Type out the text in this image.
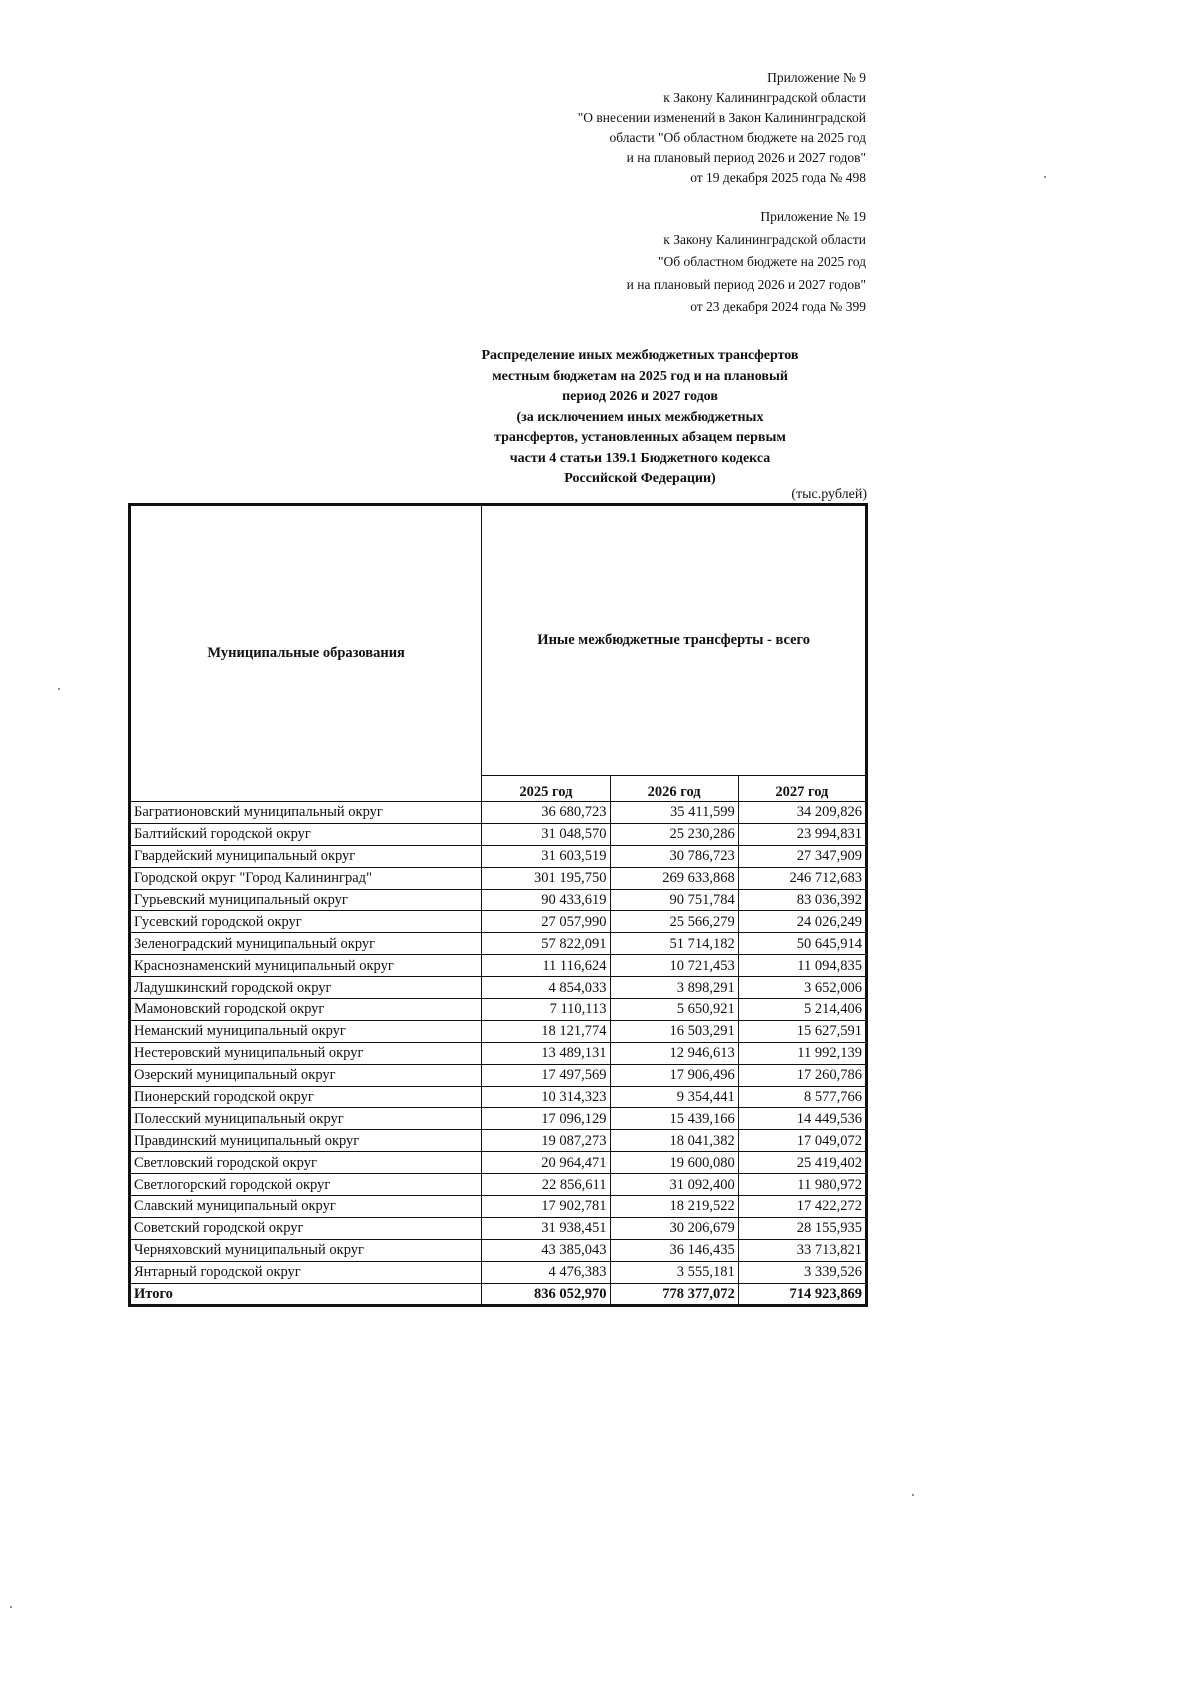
Приложение № 9
к Закону Калининградской области
"О внесении изменений в Закон Калининградской
области "Об областном бюджете на 2025 год
и на плановый период 2026 и 2027 годов"
от 19 декабря 2025 года № 498
Приложение № 19
к Закону Калининградской области
"Об областном бюджете на 2025 год
и на плановый период 2026 и 2027 годов"
от 23 декабря 2024 года № 399
Распределение иных межбюджетных трансфертов
местным бюджетам на 2025 год и на плановый
период 2026 и 2027 годов
(за исключением иных межбюджетных
трансфертов, установленных абзацем первым
части 4 статьи 139.1 Бюджетного кодекса
Российской Федерации)
(тыс.рублей)
Муниципальные образования	Иные межбюджетные трансферты - всего		
	2025 год	2026 год	2027 год
Багратионовский муниципальный округ	36 680,723	35 411,599	34 209,826
Балтийский городской округ	31 048,570	25 230,286	23 994,831
Гвардейский муниципальный округ	31 603,519	30 786,723	27 347,909
Городской округ "Город Калининград"	301 195,750	269 633,868	246 712,683
Гурьевский муниципальный округ	90 433,619	90 751,784	83 036,392
Гусевский городской округ	27 057,990	25 566,279	24 026,249
Зеленоградский муниципальный округ	57 822,091	51 714,182	50 645,914
Краснознаменский муниципальный округ	11 116,624	10 721,453	11 094,835
Ладушкинский городской округ	4 854,033	3 898,291	3 652,006
Мамоновский городской округ	7 110,113	5 650,921	5 214,406
Неманский муниципальный округ	18 121,774	16 503,291	15 627,591
Нестеровский муниципальный округ	13 489,131	12 946,613	11 992,139
Озерский муниципальный округ	17 497,569	17 906,496	17 260,786
Пионерский городской округ	10 314,323	9 354,441	8 577,766
Полесский муниципальный округ	17 096,129	15 439,166	14 449,536
Правдинский муниципальный округ	19 087,273	18 041,382	17 049,072
Светловский городской округ	20 964,471	19 600,080	25 419,402
Светлогорский городской округ	22 856,611	31 092,400	11 980,972
Славский муниципальный округ	17 902,781	18 219,522	17 422,272
Советский городской округ	31 938,451	30 206,679	28 155,935
Черняховский муниципальный округ	43 385,043	36 146,435	33 713,821
Янтарный городской округ	4 476,383	3 555,181	3 339,526
Итого	836 052,970	778 377,072	714 923,869
